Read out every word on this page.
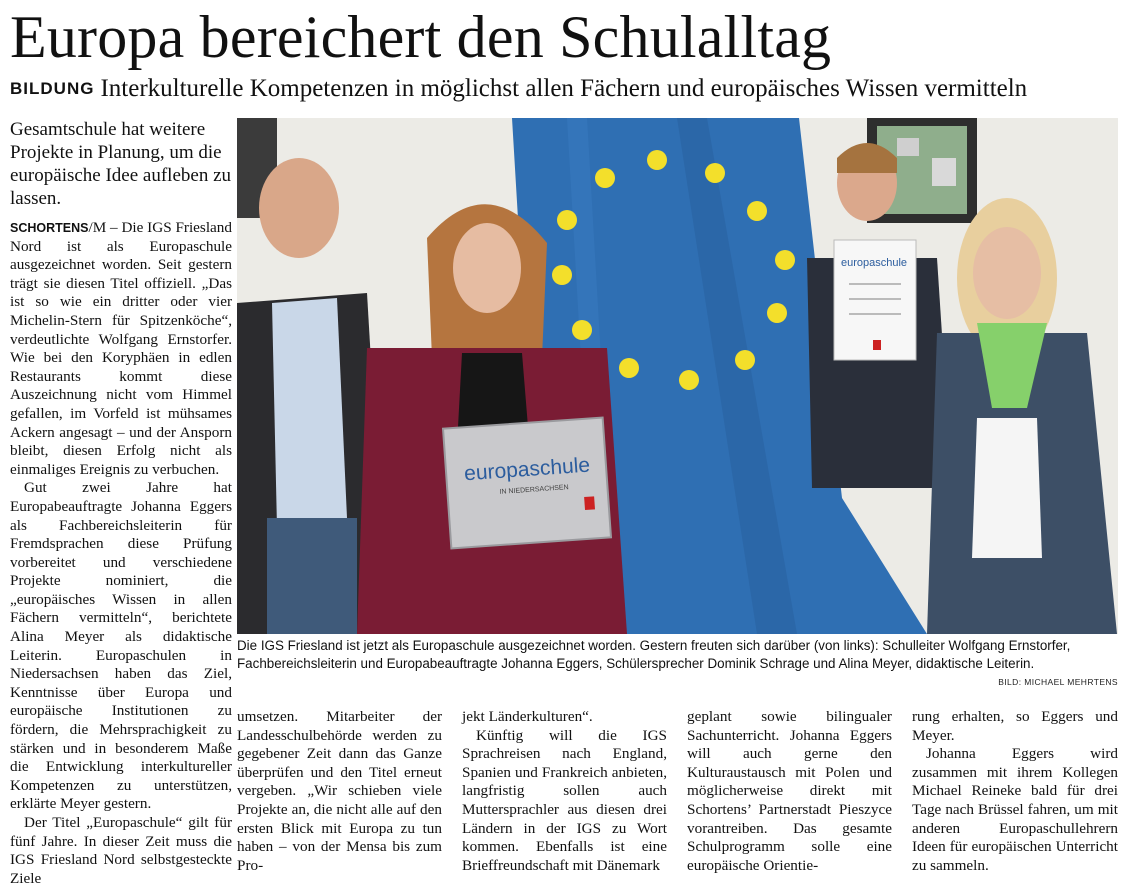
Europa bereichert den Schulalltag
BILDUNG Interkulturelle Kompetenzen in möglichst allen Fächern und europäisches Wissen vermitteln
Gesamtschule hat weitere Projekte in Planung, um die europäische Idee aufleben zu lassen.

SCHORTENS/M – Die IGS Friesland Nord ist als Europaschule ausgezeichnet worden. Seit gestern trägt sie diesen Titel offiziell. „Das ist so wie ein dritter oder vier Michelin-Stern für Spitzenköche“, verdeutlichte Wolfgang Ernstorfer. Wie bei den Koryphäen in edlen Restaurants kommt diese Auszeichnung nicht vom Himmel gefallen, im Vorfeld ist mühsames Ackern angesagt – und der Ansporn bleibt, diesen Erfolg nicht als einmaliges Ereignis zu verbuchen.

Gut zwei Jahre hat Europabeauftragte Johanna Eggers als Fachbereichsleiterin für Fremdsprachen diese Prüfung vorbereitet und verschiedene Projekte nominiert, die „europäisches Wissen in allen Fächern vermitteln“, berichtete Alina Meyer als didaktische Leiterin. Europaschulen in Niedersachsen haben das Ziel, Kenntnisse über Europa und europäische Institutionen zu fördern, die Mehrsprachigkeit zu stärken und in besonderem Maße die Entwicklung interkultureller Kompetenzen zu unterstützen, erklärte Meyer gestern.

Der Titel „Europaschule“ gilt für fünf Jahre. In dieser Zeit muss die IGS Friesland Nord selbstgesteckte Ziele

europaschule
IN NIEDERSACHSEN
europaschule
Die IGS Friesland ist jetzt als Europaschule ausgezeichnet worden. Gestern freuten sich darüber (von links): Schulleiter Wolfgang Ernstorfer, Fachbereichsleiterin und Europabeauftragte Johanna Eggers, Schülersprecher Dominik Schrage und Alina Meyer, didaktische Leiterin.
BILD: MICHAEL MEHRTENS

umsetzen. Mitarbeiter der Landesschulbehörde werden zu gegebener Zeit dann das Ganze überprüfen und den Titel erneut vergeben. „Wir schieben viele Projekte an, die nicht alle auf den ersten Blick mit Europa zu tun haben – von der Mensa bis zum Pro-

jekt Länderkulturen“.

Künftig will die IGS Sprachreisen nach England, Spanien und Frankreich anbieten, langfristig sollen auch Muttersprachler aus diesen drei Ländern in der IGS zu Wort kommen. Ebenfalls ist eine Brieffreundschaft mit Dänemark

geplant sowie bilingualer Sachunterricht. Johanna Eggers will auch gerne den Kulturaustausch mit Polen und möglicherweise direkt mit Schortens’ Partnerstadt Pieszyce vorantreiben. Das gesamte Schulprogramm solle eine europäische Orientie-

rung erhalten, so Eggers und Meyer.

Johanna Eggers wird zusammen mit ihrem Kollegen Michael Reineke bald für drei Tage nach Brüssel fahren, um mit anderen Europaschullehrern Ideen für europäischen Unterricht zu sammeln.
